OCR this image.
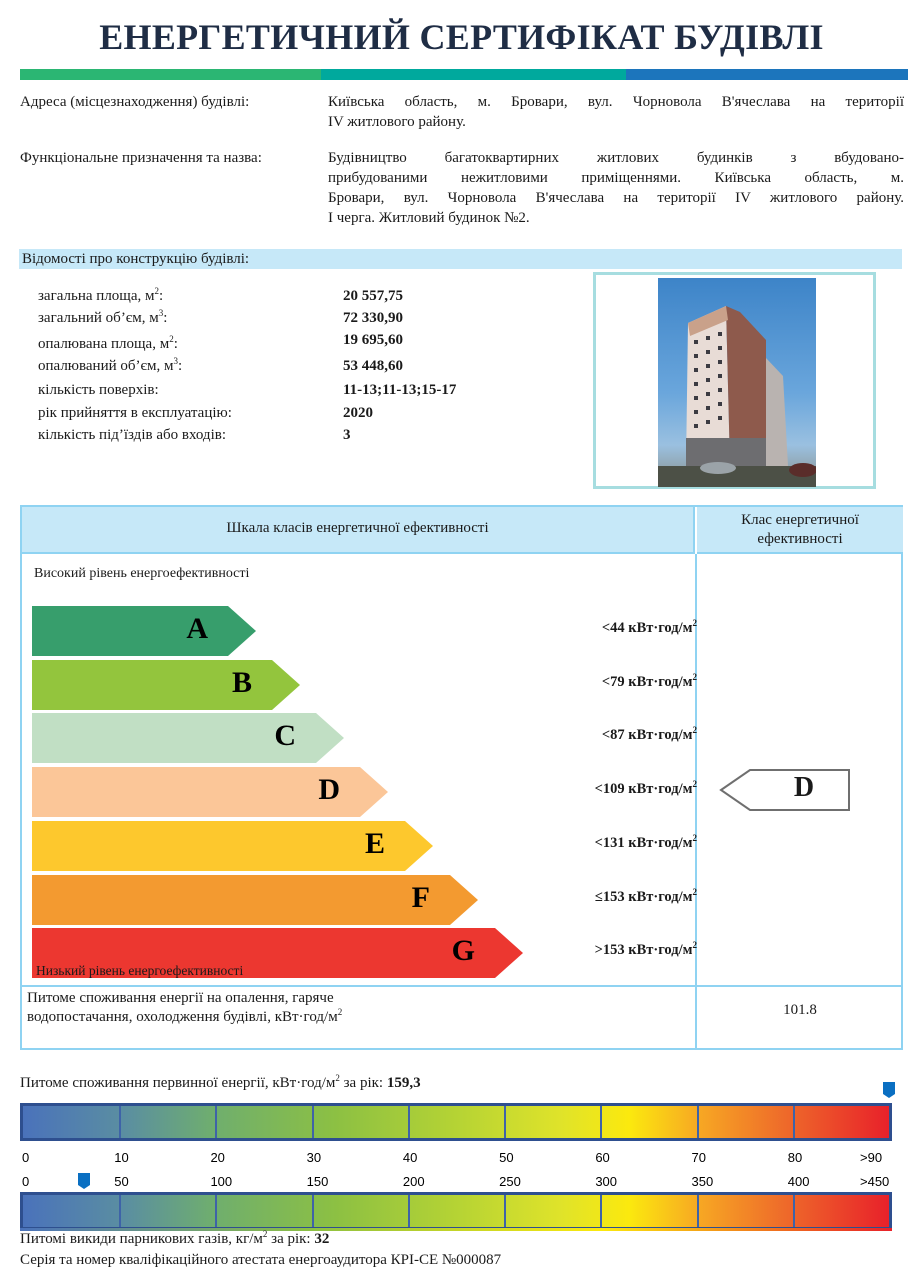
ЕНЕРГЕТИЧНИЙ СЕРТИФІКАТ БУДІВЛІ
Адреса (місцезнаходження) будівлі:	Київська область, м. Бровари, вул. Чорновола В'ячеслава на території
IV житлового району.
Функціональне призначення та назва:	Будівництво багатоквартирних житлових будинків з вбудовано-
прибудованими нежитловими приміщеннями. Київська область, м.
Бровари, вул. Чорновола В'ячеслава на території IV житлового району.
І черга. Житловий будинок №2.
Відомості про конструкцію будівлі:
загальна площа, $м^2$:	20 557,75
загальний об’єм, $м^3$:	72 330,90
опалювана площа, $м^2$:	19 695,60
опалюваний об’єм, $м^3$:	53 448,60
кількість поверхів:	11-13;11-13;15-17
рік прийняття в експлуатацію:	2020
кількість під’їздів або входів:	3
Шкала класів енергетичної ефективності	Клас енергетичної
ефективності
Високий рівень енергоефективності
A	<44 $кВт\cdot год/м^2$
B	<79 $кВт\cdot год/м^2$
C	<87 $кВт\cdot год/м^2$
D	<109 $кВт\cdot год/м^2$
E	<131 $кВт\cdot год/м^2$
F	≤153 $кВт\cdot год/м^2$
G	>153 $кВт\cdot год/м^2$
Низький рівень енергоефективності
D
Питоме споживання енергії на опалення, гаряче
водопостачання, охолодження будівлі, $кВт\cdot год/м^2$	101.8
Питоме споживання первинної енергії, $кВт\cdot год/м^2$ за рік: 159,3
0	10	20	30	40	50	60	70	80	>90
0	50	100	150	200	250	300	350	400	>450
Питомі викиди парникових газів, $кг/м^2$ за рік: 32
Серія та номер кваліфікаційного атестата енергоаудитора КРІ-СЕ №000087
